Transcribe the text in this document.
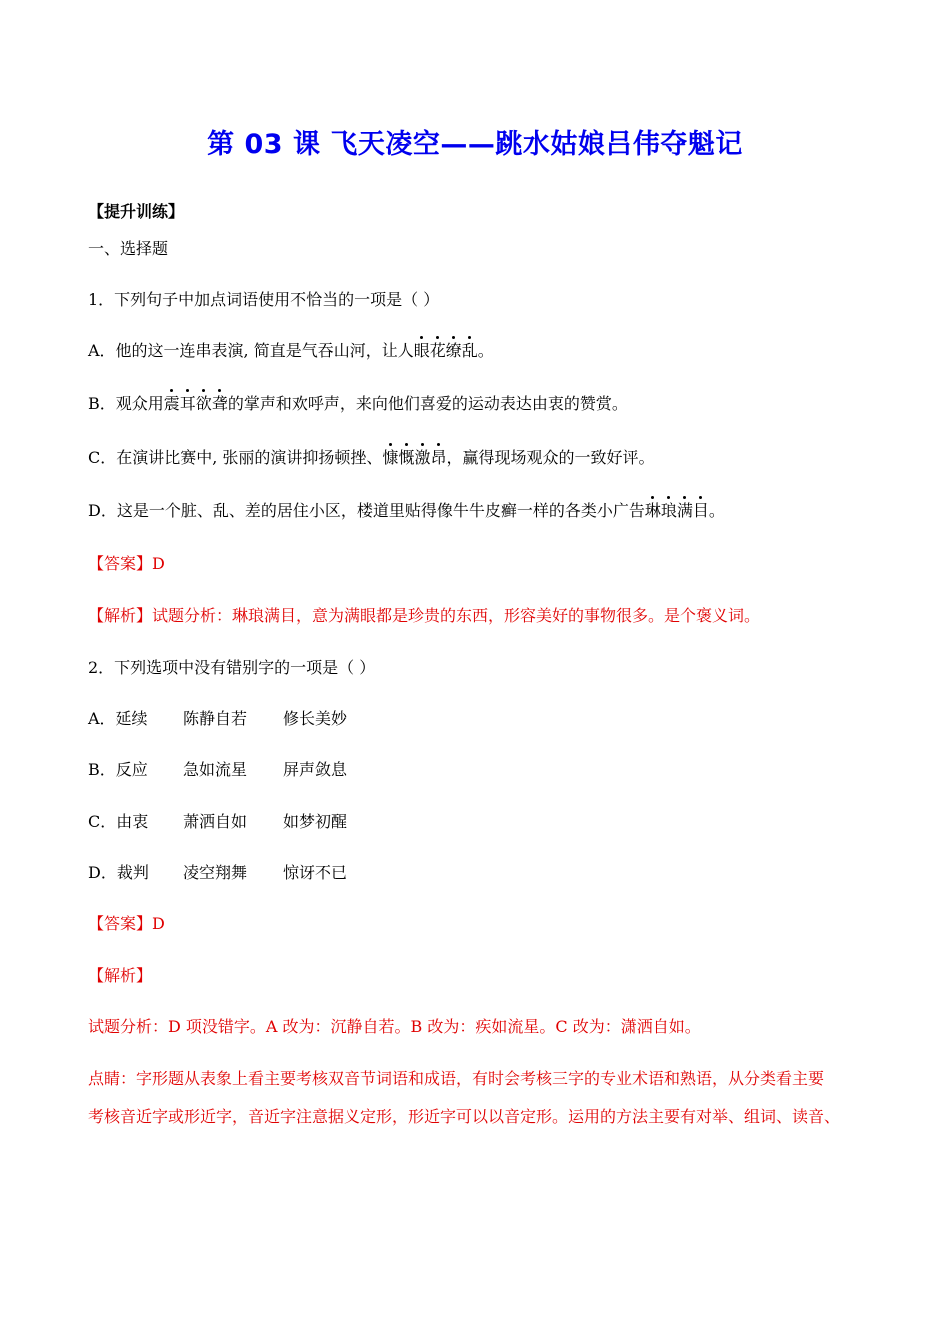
第 03 课 飞天凌空——跳水姑娘吕伟夺魁记
【提升训练】
一、选择题
1．下列句子中加点词语使用不恰当的一项是（ ）
A．他的这一连串表演, 简直是气吞山河，让人眼花缭乱。
B．观众用震耳欲聋的掌声和欢呼声，来向他们喜爱的运动表达由衷的赞赏。
C．在演讲比赛中, 张丽的演讲抑扬顿挫、慷慨激昂，赢得现场观众的一致好评。
D．这是一个脏、乱、差的居住小区，楼道里贴得像牛牛皮癣一样的各类小广告琳琅满目。
【答案】D
【解析】试题分析：琳琅满目，意为满眼都是珍贵的东西，形容美好的事物很多。是个褒义词。
2．下列选项中没有错别字的一项是（ ）
A．延续 陈静自若 修长美妙
B．反应 急如流星 屏声敛息
C．由衷 萧洒自如 如梦初醒
D．裁判 凌空翔舞 惊讶不已
【答案】D
【解析】
试题分析：D 项没错字。A 改为：沉静自若。B 改为：疾如流星。C 改为：潇洒自如。
点睛：字形题从表象上看主要考核双音节词语和成语，有时会考核三字的专业术语和熟语，从分类看主要
考核音近字或形近字，音近字注意据义定形，形近字可以以音定形。运用的方法主要有对举、组词、读音、
